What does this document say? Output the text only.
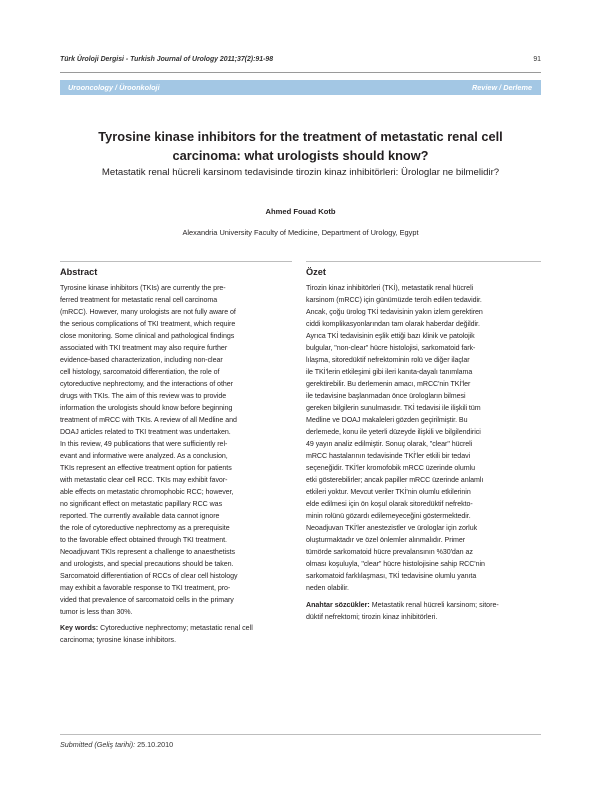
Türk Üroloji Dergisi - Turkish Journal of Urology 2011;37(2):91-98	91
Urooncology / Üroonkoloji	Review / Derleme
Tyrosine kinase inhibitors for the treatment of metastatic renal cell
carcinoma: what urologists should know?
Metastatik renal hücreli karsinom tedavisinde tirozin kinaz inhibitörleri: Ürologlar ne bilmelidir?
Ahmed Fouad Kotb
Alexandria University Faculty of Medicine, Department of Urology, Egypt
Abstract	Özet
Tyrosine kinase inhibitors (TKIs) are currently the pre-
ferred treatment for metastatic renal cell carcinoma
(mRCC). However, many urologists are not fully aware of
the serious complications of TKI treatment, which require
close monitoring. Some clinical and pathological findings
associated with TKI treatment may also require further
evidence-based characterization, including non-clear
cell histology, sarcomatoid differentiation, the role of
cytoreductive nephrectomy, and the interactions of other
drugs with TKIs. The aim of this review was to provide
information the urologists should know before beginning
treatment of mRCC with TKIs. A review of all Medline and
DOAJ articles related to TKI treatment was undertaken.
In this review, 49 publications that were sufficiently rel-
evant and informative were analyzed. As a conclusion,
TKIs represent an effective treatment option for patients
with metastatic clear cell RCC. TKIs may exhibit favor-
able effects on metastatic chromophobic RCC; however,
no significant effect on metastatic papillary RCC was
reported. The currently available data cannot ignore
the role of cytoreductive nephrectomy as a prerequisite
to the favorable effect obtained through TKI treatment.
Neoadjuvant TKIs represent a challenge to anaesthetists
and urologists, and special precautions should be taken.
Sarcomatoid differentiation of RCCs of clear cell histology
may exhibit a favorable response to TKI treatment, pro-
vided that prevalence of sarcomatoid cells in the primary
tumor is less than 30%.
Tirozin kinaz inhibitörleri (TKİ), metastatik renal hücreli
karsinom (mRCC) için günümüzde tercih edilen tedavidir.
Ancak, çoğu ürolog TKİ tedavisinin yakın izlem gerektiren
ciddi komplikasyonlarından tam olarak haberdar değildir.
Ayrıca TKİ tedavisinin eşlik ettiği bazı klinik ve patolojik
bulgular, "non-clear" hücre histolojisi, sarkomatoid fark-
lılaşma, sitoredüktif nefrektominin rolü ve diğer ilaçlar
ile TKİ'lerin etkileşimi gibi ileri kanıta-dayalı tanımlama
gerektirebilir. Bu derlemenin amacı, mRCC'nin TKİ'ler
ile tedavisine başlanmadan önce ürologların bilmesi
gereken bilgilerin sunulmasıdır. TKİ tedavisi ile ilişkili tüm
Medline ve DOAJ makaleleri gözden geçirilmiştir. Bu
derlemede, konu ile yeterli düzeyde ilişkili ve bilgilendirici
49 yayın analiz edilmiştir. Sonuç olarak, "clear" hücreli
mRCC hastalarının tedavisinde TKİ'ler etkili bir tedavi
seçeneğidir. TKİ'ler kromofobik mRCC üzerinde olumlu
etki gösterebilirler; ancak papiller mRCC üzerinde anlamlı
etkileri yoktur. Mevcut veriler TKİ'nin olumlu etkilerinin
elde edilmesi için ön koşul olarak sitoredüktif nefrekto-
minin rolünü gözardı edilemeyeceğini göstermektedir.
Neoadjuvan TKİ'ler anestezistler ve ürologlar için zorluk
oluşturmaktadır ve özel önlemler alınmalıdır. Primer
tümörde sarkomatoid hücre prevalansının %30'dan az
olması koşuluyla, "clear" hücre histolojisine sahip RCC'nin
sarkomatoid farklılaşması, TKİ tedavisine olumlu yanıta
neden olabilir.
Key words: Cytoreductive nephrectomy; metastatic renal cell
carcinoma; tyrosine kinase inhibitors.
Anahtar sözcükler: Metastatik renal hücreli karsinom; sitore-
düktif nefrektomi; tirozin kinaz inhibitörleri.
Submitted (Geliş tarihi): 25.10.2010
